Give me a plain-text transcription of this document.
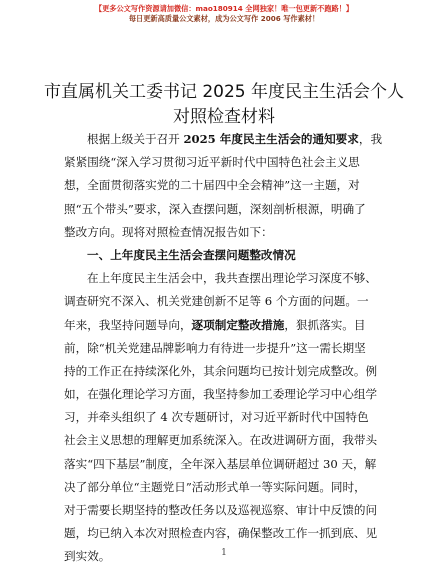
【更多公文写作资源请加微信：mao180914 全网独家！唯一包更新不跑路！】
每日更新高质量公文素材，成为公文写作 2006 写作素材！
市直属机关工委书记 2025 年度民主生活会个人
对照检查材料
根据上级关于召开 2025 年度民主生活会的通知要求，我
紧紧围绕“深入学习贯彻习近平新时代中国特色社会主义思
想，全面贯彻落实党的二十届四中全会精神”这一主题，对
照“五个带头”要求，深入查摆问题，深刻剖析根源，明确了
整改方向。现将对照检查情况报告如下：
一、上年度民主生活会查摆问题整改情况
在上年度民主生活会中，我共查摆出理论学习深度不够、
调查研究不深入、机关党建创新不足等 6 个方面的问题。一
年来，我坚持问题导向，逐项制定整改措施，狠抓落实。目
前，除“机关党建品牌影响力有待进一步提升”这一需长期坚
持的工作正在持续深化外，其余问题均已按计划完成整改。例
如，在强化理论学习方面，我坚持参加工委理论学习中心组学
习，并牵头组织了 4 次专题研讨，对习近平新时代中国特色
社会主义思想的理解更加系统深入。在改进调研方面，我带头
落实“四下基层”制度，全年深入基层单位调研超过 30 天，解
决了部分单位“主题党日”活动形式单一等实际问题。同时，
对于需要长期坚持的整改任务以及巡视巡察、审计中反馈的问
题，均已纳入本次对照检查内容，确保整改工作一抓到底、见
到实效。	1
